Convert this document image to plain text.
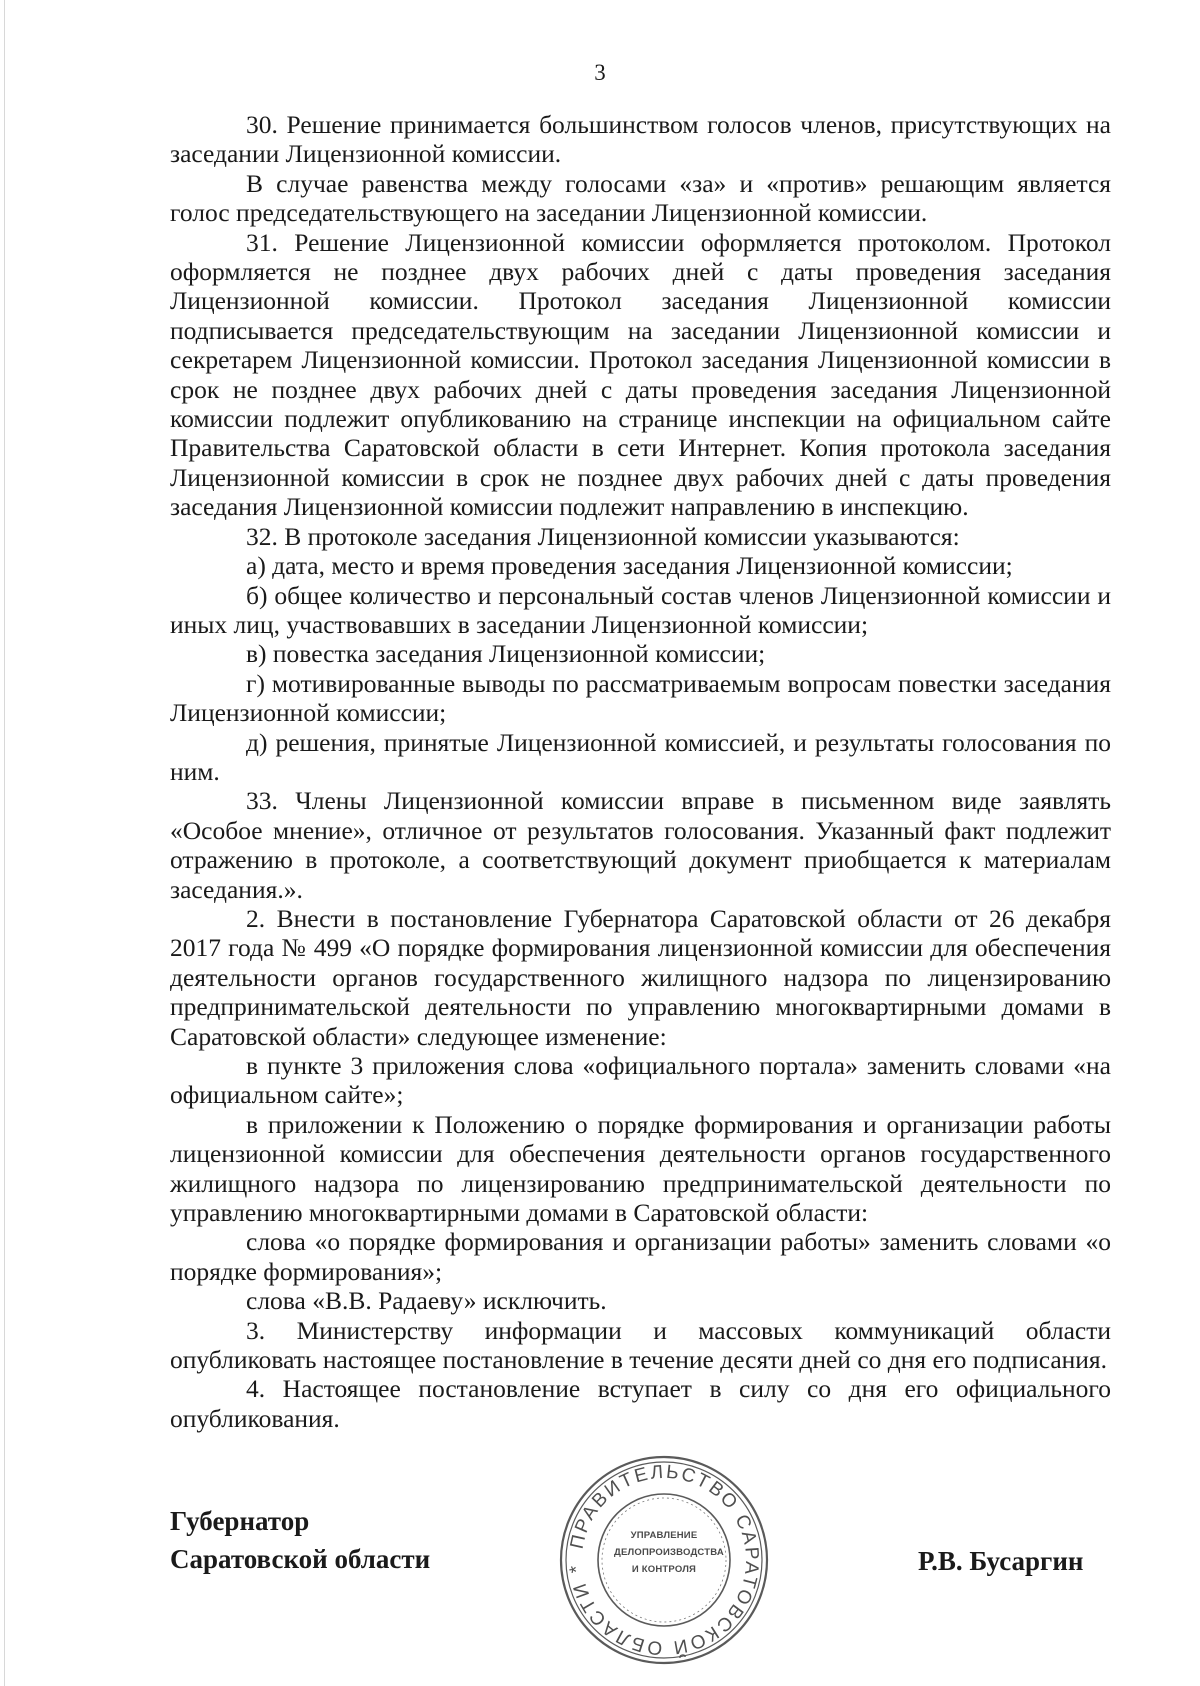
3

30. Решение принимается большинством голосов членов, присутствующих на заседании Лицензионной комиссии.

В случае равенства между голосами «за» и «против» решающим является голос председательствующего на заседании Лицензионной комиссии.

31. Решение Лицензионной комиссии оформляется протоколом. Протокол оформляется не позднее двух рабочих дней с даты проведения заседания Лицензионной комиссии. Протокол заседания Лицензионной комиссии подписывается председательствующим на заседании Лицензионной комиссии и секретарем Лицензионной комиссии. Протокол заседания Лицензионной комиссии в срок не позднее двух рабочих дней с даты проведения заседания Лицензионной комиссии подлежит опубликованию на странице инспекции на официальном сайте Правительства Саратовской области в сети Интернет. Копия протокола заседания Лицензионной комиссии в срок не позднее двух рабочих дней с даты проведения заседания Лицензионной комиссии подлежит направлению в инспекцию.

32. В протоколе заседания Лицензионной комиссии указываются:

а) дата, место и время проведения заседания Лицензионной комиссии;

б) общее количество и персональный состав членов Лицензионной комиссии и иных лиц, участвовавших в заседании Лицензионной комиссии;

в) повестка заседания Лицензионной комиссии;

г) мотивированные выводы по рассматриваемым вопросам повестки заседания Лицензионной комиссии;

д) решения, принятые Лицензионной комиссией, и результаты голосования по ним.

33. Члены Лицензионной комиссии вправе в письменном виде заявлять «Особое мнение», отличное от результатов голосования. Указанный факт подлежит отражению в протоколе, а соответствующий документ приобщается к материалам заседания.».

2. Внести в постановление Губернатора Саратовской области от 26 декабря 2017 года № 499 «О порядке формирования лицензионной комиссии для обеспечения деятельности органов государственного жилищного надзора по лицензированию предпринимательской деятельности по управлению многоквартирными домами в Саратовской области» следующее изменение:

в пункте 3 приложения слова «официального портала» заменить словами «на официальном сайте»;

в приложении к Положению о порядке формирования и организации работы лицензионной комиссии для обеспечения деятельности органов государственного жилищного надзора по лицензированию предпринимательской деятельности по управлению многоквартирными домами в Саратовской области:

слова «о порядке формирования и организации работы» заменить словами «о порядке формирования»;

слова «В.В. Радаеву» исключить.

3. Министерству информации и массовых коммуникаций области опубликовать настоящее постановление в течение десяти дней со дня его подписания.

4. Настоящее постановление вступает в силу со дня его официального опубликования.

Губернатор
Саратовской области
ПРАВИТЕЛЬСТВО САРАТОВСКОЙ ОБЛАСТИ *
УПРАВЛЕНИЕ
ДЕЛОПРОИЗВОДСТВА
И КОНТРОЛЯ	Р.В. Бусаргин
